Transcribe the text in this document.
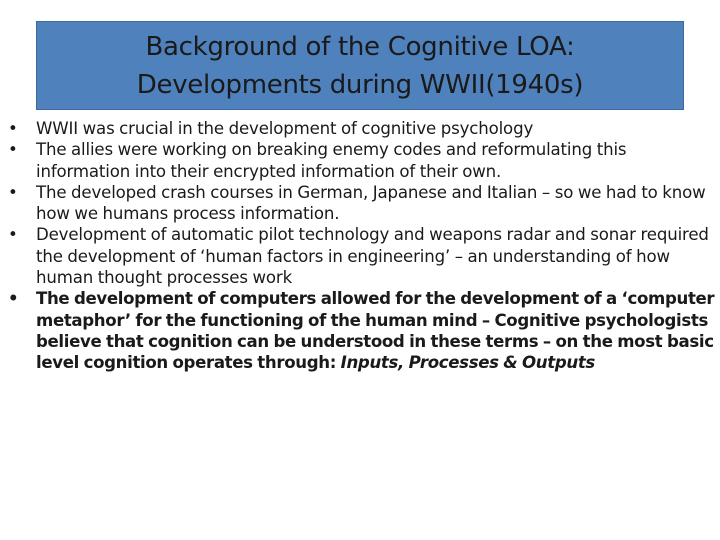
Background of the Cognitive LOA:
Developments during WWII(1940s)
• WWII was crucial in the development of cognitive psychology
• The allies were working on breaking enemy codes and reformulating this information into their encrypted information of their own.
• The developed crash courses in German, Japanese and Italian – so we had to know how we humans process information.
• Development of automatic pilot technology and weapons radar and sonar required the development of ‘human factors in engineering’ – an understanding of how human thought processes work
• The development of computers allowed for the development of a ‘computer metaphor’ for the functioning of the human mind – Cognitive psychologists believe that cognition can be understood in these terms – on the most basic level cognition operates through: Inputs, Processes & Outputs
